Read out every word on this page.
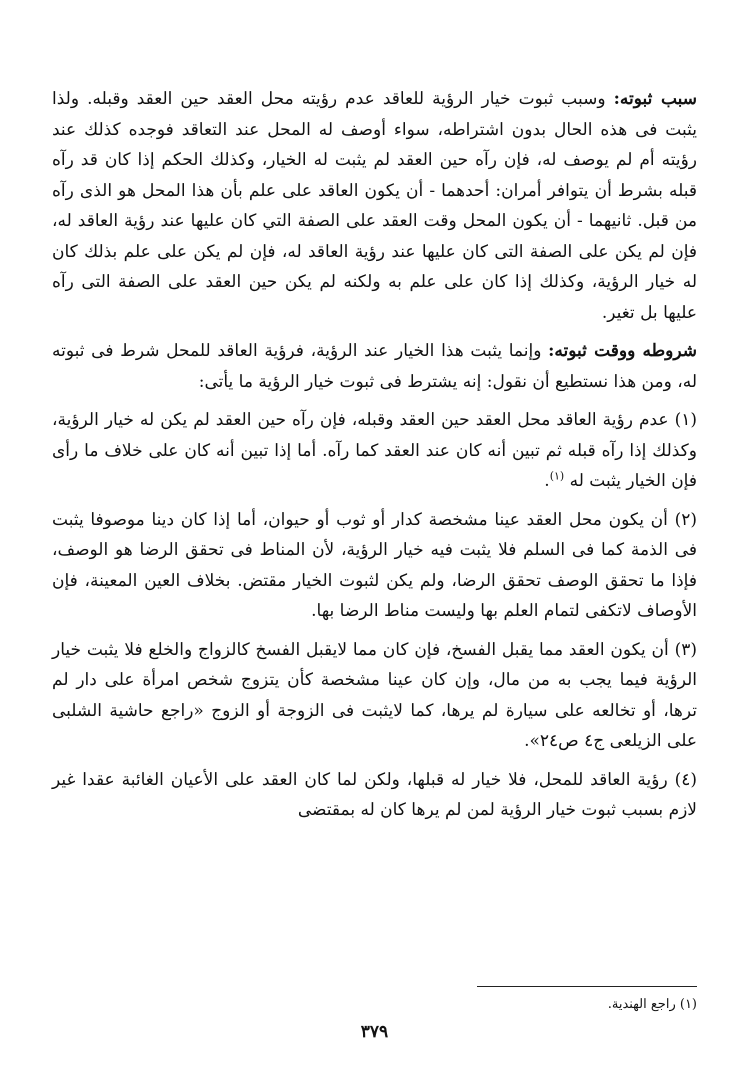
سبب ثبوته: وسبب ثبوت خيار الرؤية للعاقد عدم رؤيته محل العقد حين العقد وقبله. ولذا يثبت فى هذه الحال بدون اشتراطه، سواء أوصف له المحل عند التعاقد فوجده كذلك عند رؤيته أم لم يوصف له، فإن رآه حين العقد لم يثبت له الخيار، وكذلك الحكم إذا كان قد رآه قبله بشرط أن يتوافر أمران: أحدهما - أن يكون العاقد على علم بأن هذا المحل هو الذى رآه من قبل. ثانيهما - أن يكون المحل وقت العقد على الصفة التي كان عليها عند رؤية العاقد له، فإن لم يكن على الصفة التى كان عليها عند رؤية العاقد له، فإن لم يكن على علم بذلك كان له خيار الرؤية، وكذلك إذا كان على علم به ولكنه لم يكن حين العقد على الصفة التى رآه عليها بل تغير.

شروطه ووقت ثبوته: وإنما يثبت هذا الخيار عند الرؤية، فرؤية العاقد للمحل شرط فى ثبوته له، ومن هذا نستطيع أن نقول: إنه يشترط فى ثبوت خيار الرؤية ما يأتى:

(١) عدم رؤية العاقد محل العقد حين العقد وقبله، فإن رآه حين العقد لم يكن له خيار الرؤية، وكذلك إذا رآه قبله ثم تبين أنه كان عند العقد كما رآه. أما إذا تبين أنه كان على خلاف ما رأى فإن الخيار يثبت له $^{(١)}$.

(٢) أن يكون محل العقد عينا مشخصة كدار أو ثوب أو حيوان، أما إذا كان دينا موصوفا يثبت فى الذمة كما فى السلم فلا يثبت فيه خيار الرؤية، لأن المناط فى تحقق الرضا هو الوصف، فإذا ما تحقق الوصف تحقق الرضا، ولم يكن لثبوت الخيار مقتض. بخلاف العين المعينة، فإن الأوصاف لاتكفى لتمام العلم بها وليست مناط الرضا بها.

(٣) أن يكون العقد مما يقبل الفسخ، فإن كان مما لايقبل الفسخ كالزواج والخلع فلا يثبت خيار الرؤية فيما يجب به من مال، وإن كان عينا مشخصة كأن يتزوج شخص امرأة على دار لم ترها، أو تخالعه على سيارة لم يرها، كما لايثبت فى الزوجة أو الزوج «راجع حاشية الشلبى على الزيلعى ج٤ ص٢٤».

(٤) رؤية العاقد للمحل، فلا خيار له قبلها، ولكن لما كان العقد على الأعيان الغائبة عقدا غير لازم بسبب ثبوت خيار الرؤية لمن لم يرها كان له بمقتضى

(١) راجع الهندية.
٣٧٩
